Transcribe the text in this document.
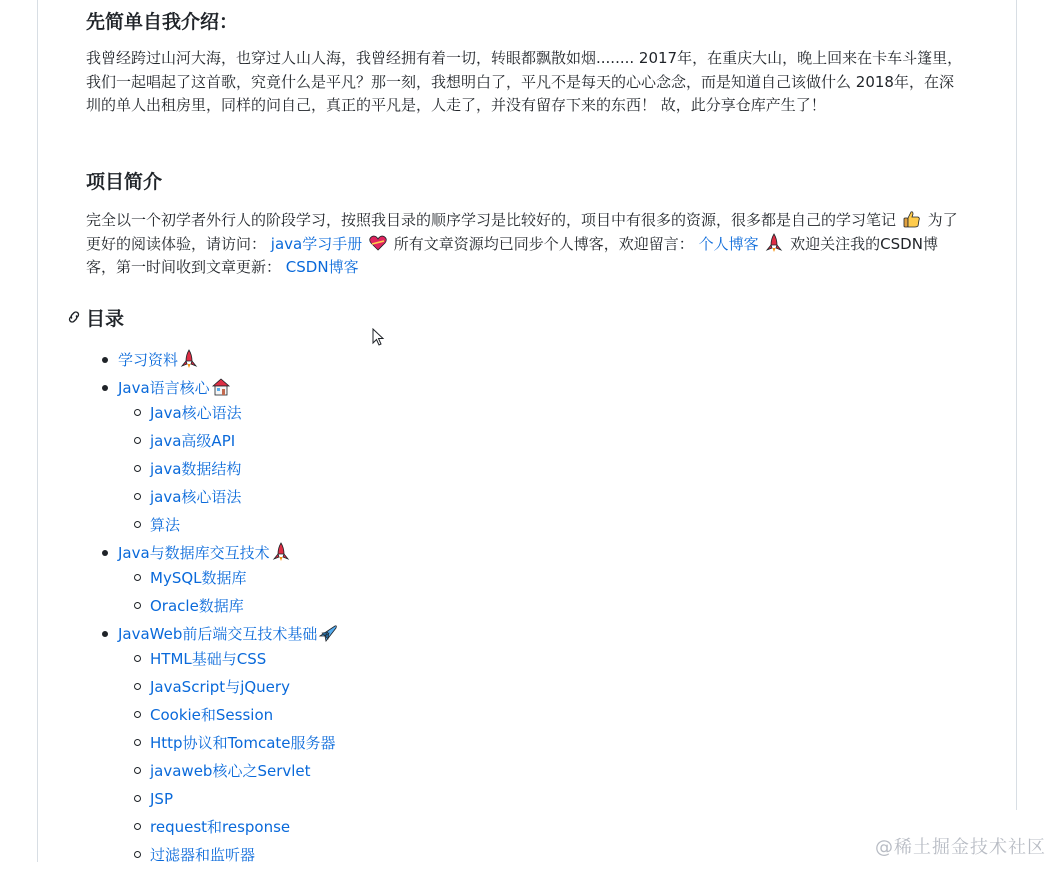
先简单自我介绍：

我曾经跨过山河大海，也穿过人山人海，我曾经拥有着一切，转眼都飘散如烟........ 2017年，在重庆大山，晚上回来在卡车斗篷里，我们一起唱起了这首歌，究竟什么是平凡？那一刻，我想明白了，平凡不是每天的心心念念，而是知道自己该做什么 2018年，在深圳的单人出租房里，同样的问自己，真正的平凡是，人走了，并没有留存下来的东西！ 故，此分享仓库产生了！

项目简介

完全以一个初学者外行人的阶段学习，按照我目录的顺序学习是比较好的，项目中有很多的资源，很多都是自己的学习笔记 为了更好的阅读体验，请访问： java学习手册 所有文章资源均已同步个人博客，欢迎留言： 个人博客 欢迎关注我的CSDN博客，第一时间收到文章更新： CSDN博客

目录
学习资料
Java语言核心
Java核心语法
java高级API
java数据结构
java核心语法
算法
Java与数据库交互技术
MySQL数据库
Oracle数据库
JavaWeb前后端交互技术基础
HTML基础与CSS
JavaScript与jQuery
Cookie和Session
Http协议和Tomcate服务器
javaweb核心之Servlet
JSP
request和response
过滤器和监听器	@稀土掘金技术社区
